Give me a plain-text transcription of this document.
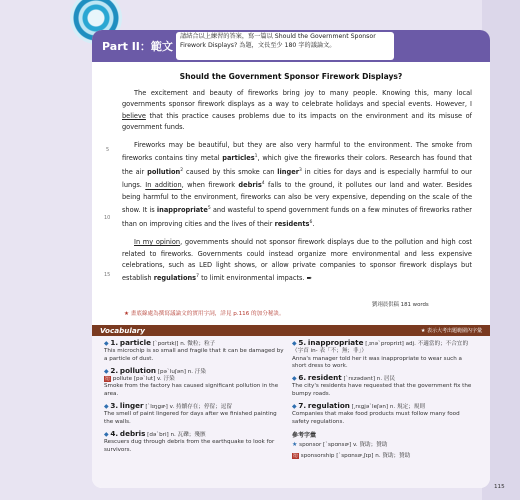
Part II：範文
請結合以上練習的答案，寫一篇以 Should the Government Sponsor Firework Displays? 為題，文長至少 180 字的議論文。
Should the Government Sponsor Firework Displays?

The excitement and beauty of fireworks bring joy to many people. Knowing this, many local governments sponsor firework displays as a way to celebrate holidays and special events. However, I believe that this practice causes problems due to its impacts on the environment and its misuse of government funds.

Fireworks may be beautiful, but they are also very harmful to the environment. The smoke from fireworks contains tiny metal particles$^1$, which give the fireworks their colors. Research has found that the air pollution$^2$ caused by this smoke can linger$^3$ in cities for days and is especially harmful to our lungs. In addition, when firework debris$^4$ falls to the ground, it pollutes our land and water. Besides being harmful to the environment, fireworks can also be very expensive, depending on the scale of the show. It is inappropriate$^5$ and wasteful to spend government funds on a few minutes of fireworks rather than on improving cities and the lives of their residents$^6$.

In my opinion, governments should not sponsor firework displays due to the pollution and high cost related to fireworks. Governments could instead organize more environmental and less expensive celebrations, such as LED light shows, or allow private companies to sponsor firework displays but establish regulations$^7$ to limit environmental impacts. ➨

5
10
15
劉翊晨供稿 181 words
★ 畫底線處為撰寫議論文的實用字詞，詳見 p.116 的加分秘訣。
Vocabulary	★ 表示大考出題範圍內字彙
◆ 1. particle [ˋpɑrtɪkḷ] n. 微粒；粒子
This microchip is so small and fragile that it can be damaged by a particle of dust.
◆ 2. pollution [pəˋluʃən] n. 汙染
衍 pollute [pəˋlut] v. 汙染
Smoke from the factory has caused significant pollution in the area.
◆ 3. linger [ˋlɪŋɡɚ] v. 持續存在；停留；逗留
The smell of paint lingered for days after we finished painting the walls.
◆ 4. debris [dəˋbri] n. 瓦礫；殘骸
Rescuers dug through debris from the earthquake to look for survivors.
◆ 5. inappropriate [͵ɪnəˋpropriɪt] adj. 不適當的；不合宜的（字首 in- 表「不；無；非」）
Anna's manager told her it was inappropriate to wear such a short dress to work.
◆ 6. resident [ˋrɛzədənt] n. 居民
The city's residents have requested that the government fix the bumpy roads.
◆ 7. regulation [͵rɛɡjəˋleʃən] n. 規定；規則
Companies that make food products must follow many food safety regulations.
參考字彙
★ sponsor [ˋspɑnsɚ] v. 資助；贊助
衍 sponsorship [ˋspɑnsɚ͵ʃɪp] n. 資助；贊助
115
